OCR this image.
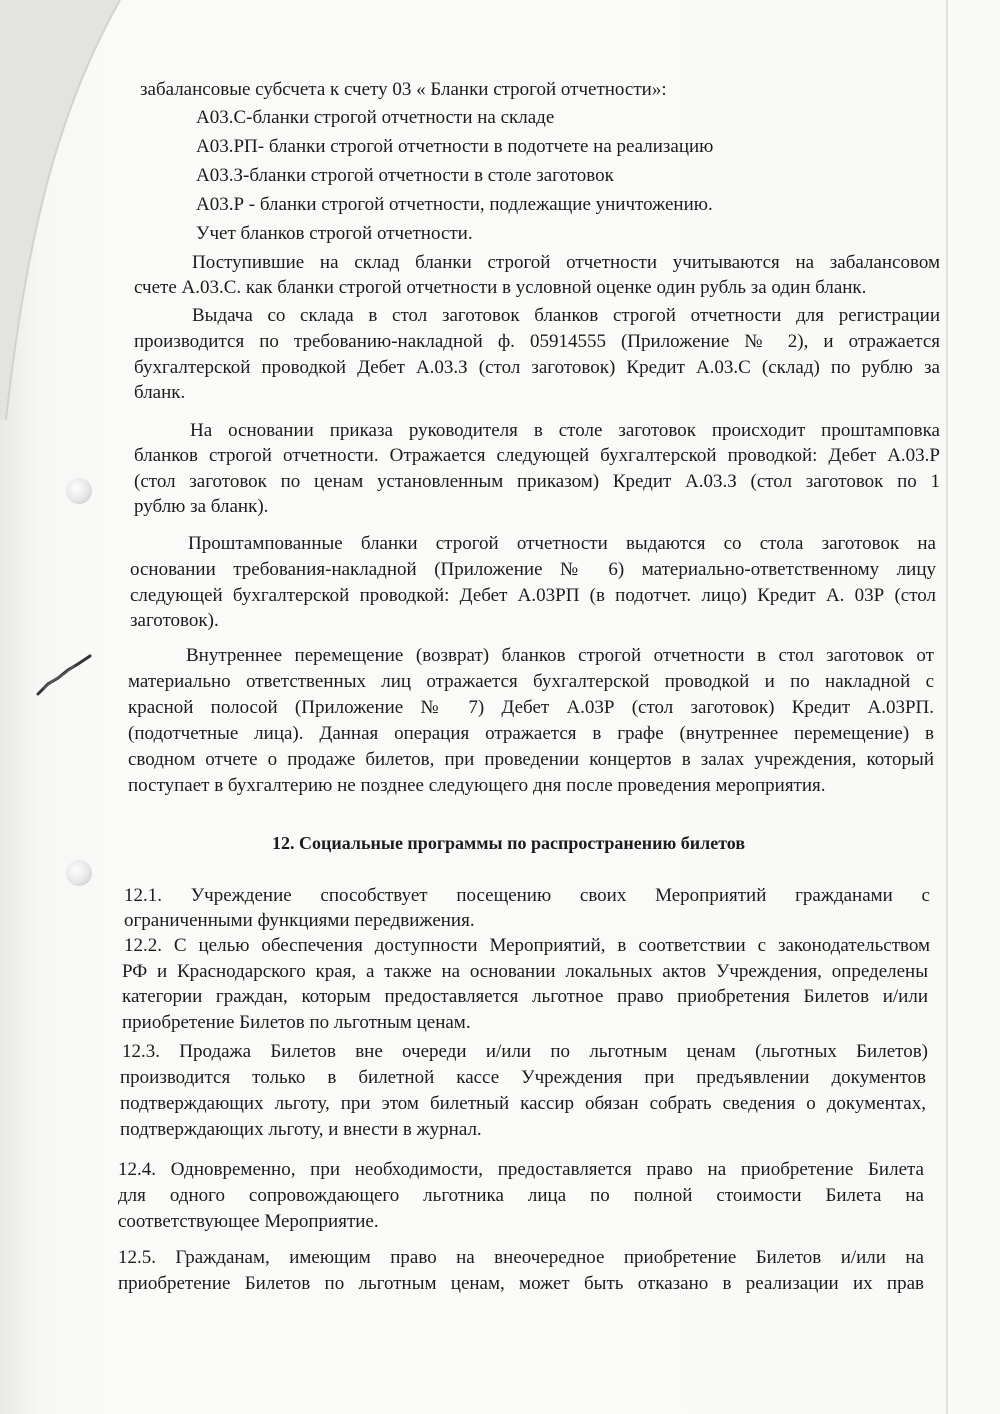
забалансовые субсчета к счету 03 « Бланки строгой отчетности»:
А03.С-бланки строгой отчетности на складе
А03.РП- бланки строгой отчетности в подотчете на реализацию
А03.З-бланки строгой отчетности в столе заготовок
А03.Р - бланки строгой отчетности, подлежащие уничтожению.
Учет бланков строгой отчетности.
Поступившие на склад бланки строгой отчетности учитываются на забалансовом
счете А.03.С. как бланки строгой отчетности в условной оценке один рубль за один бланк.
Выдача со склада в стол заготовок бланков строгой отчетности для регистрации
производится по требованию-накладной ф. 05914555 (Приложение № 2), и отражается
бухгалтерской проводкой Дебет А.03.З (стол заготовок) Кредит А.03.С (склад) по рублю за
бланк.
На основании приказа руководителя в столе заготовок происходит проштамповка
бланков строгой отчетности. Отражается следующей бухгалтерской проводкой: Дебет А.03.Р
(стол заготовок по ценам установленным приказом) Кредит А.03.З (стол заготовок по 1
рублю за бланк).
Проштампованные бланки строгой отчетности выдаются со стола заготовок на
основании требования-накладной (Приложение № 6) материально-ответственному лицу
следующей бухгалтерской проводкой: Дебет А.03РП (в подотчет. лицо) Кредит А. 03Р (стол
заготовок).
Внутреннее перемещение (возврат) бланков строгой отчетности в стол заготовок от
материально ответственных лиц отражается бухгалтерской проводкой и по накладной с
красной полосой (Приложение № 7) Дебет А.03Р (стол заготовок) Кредит А.03РП.
(подотчетные лица). Данная операция отражается в графе (внутреннее перемещение) в
сводном отчете о продаже билетов, при проведении концертов в залах учреждения, который
поступает в бухгалтерию не позднее следующего дня после проведения мероприятия.
12. Социальные программы по распространению билетов
12.1. Учреждение способствует посещению своих Мероприятий гражданами с
ограниченными функциями передвижения.
12.2. С целью обеспечения доступности Мероприятий, в соответствии с законодательством
РФ и Краснодарского края, а также на основании локальных актов Учреждения, определены
категории граждан, которым предоставляется льготное право приобретения Билетов и/или
приобретение Билетов по льготным ценам.
12.3. Продажа Билетов вне очереди и/или по льготным ценам (льготных Билетов)
производится только в билетной кассе Учреждения при предъявлении документов
подтверждающих льготу, при этом билетный кассир обязан собрать сведения о документах,
подтверждающих льготу, и внести в журнал.
12.4. Одновременно, при необходимости, предоставляется право на приобретение Билета
для одного сопровождающего льготника лица по полной стоимости Билета на
соответствующее Мероприятие.
12.5. Гражданам, имеющим право на внеочередное приобретение Билетов и/или на
приобретение Билетов по льготным ценам, может быть отказано в реализации их прав
